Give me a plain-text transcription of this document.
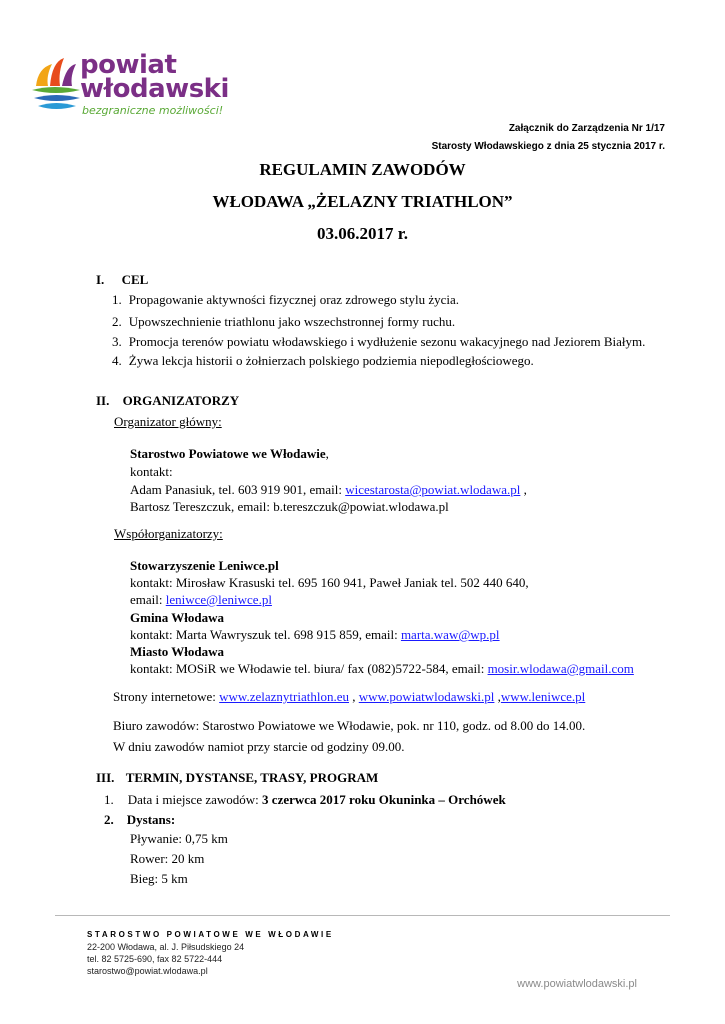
powiat
włodawski
bezgraniczne możliwości!
Załącznik do Zarządzenia Nr 1/17
Starosty Włodawskiego z dnia 25 stycznia 2017 r.
REGULAMIN ZAWODÓW
WŁODAWA „ŻELAZNY TRIATHLON”
03.06.2017 r.
I. CEL
1. Propagowanie aktywności fizycznej oraz zdrowego stylu życia.
2. Upowszechnienie triathlonu jako wszechstronnej formy ruchu.
3. Promocja terenów powiatu włodawskiego i wydłużenie sezonu wakacyjnego nad Jeziorem Białym.
4. Żywa lekcja historii o żołnierzach polskiego podziemia niepodległościowego.
II. ORGANIZATORZY
Organizator główny:
Starostwo Powiatowe we Włodawie,
kontakt:
Adam Panasiuk, tel. 603 919 901, email: wicestarosta@powiat.wlodawa.pl ,
Bartosz Tereszczuk, email: b.tereszczuk@powiat.wlodawa.pl
Współorganizatorzy:
Stowarzyszenie Leniwce.pl
kontakt: Mirosław Krasuski tel. 695 160 941, Paweł Janiak tel. 502 440 640,
email: leniwce@leniwce.pl
Gmina Włodawa
kontakt: Marta Wawryszuk tel. 698 915 859, email: marta.waw@wp.pl
Miasto Włodawa
kontakt: MOSiR we Włodawie tel. biura/ fax (082)5722-584, email: mosir.wlodawa@gmail.com
Strony internetowe: www.zelaznytriathlon.eu , www.powiatwlodawski.pl ,www.leniwce.pl
Biuro zawodów: Starostwo Powiatowe we Włodawie, pok. nr 110, godz. od 8.00 do 14.00.
W dniu zawodów namiot przy starcie od godziny 09.00.
III. TERMIN, DYSTANSE, TRASY, PROGRAM
1. Data i miejsce zawodów: 3 czerwca 2017 roku Okuninka – Orchówek
2. Dystans:
Pływanie: 0,75 km
Rower: 20 km
Bieg: 5 km
STAROSTWO POWIATOWE WE WŁODAWIE
22-200 Włodawa, al. J. Piłsudskiego 24
tel. 82 5725-690, fax 82 5722-444
starostwo@powiat.wlodawa.pl
www.powiatwlodawski.pl
